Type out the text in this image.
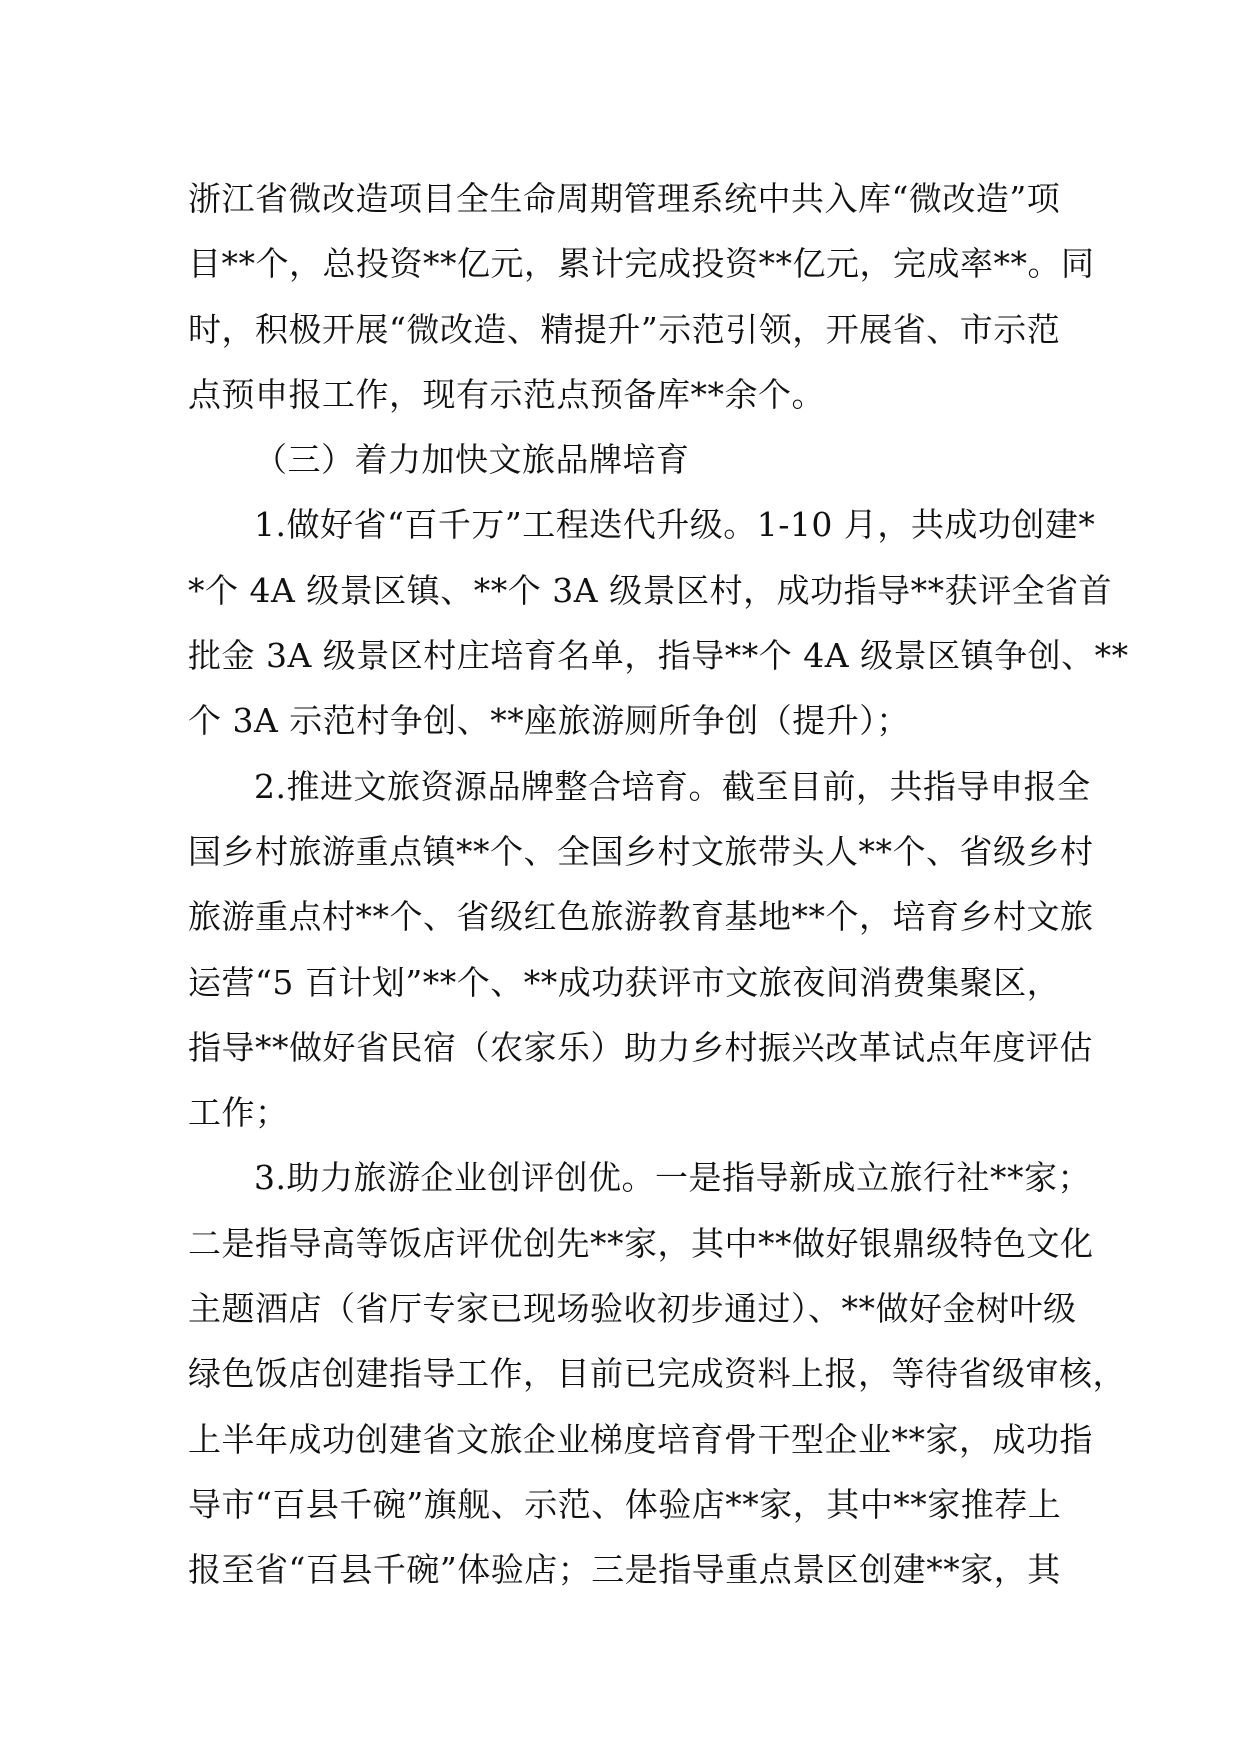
浙江省微改造项目全生命周期管理系统中共入库“微改造”项
目**个，总投资**亿元，累计完成投资**亿元，完成率**。同
时，积极开展“微改造、精提升”示范引领，开展省、市示范
点预申报工作，现有示范点预备库**余个。
（三）着力加快文旅品牌培育
1.做好省“百千万”工程迭代升级。1-10 月，共成功创建*
*个 4A 级景区镇、**个 3A 级景区村，成功指导**获评全省首
批金 3A 级景区村庄培育名单，指导**个 4A 级景区镇争创、**
个 3A 示范村争创、**座旅游厕所争创（提升）；
2.推进文旅资源品牌整合培育。截至目前，共指导申报全
国乡村旅游重点镇**个、全国乡村文旅带头人**个、省级乡村
旅游重点村**个、省级红色旅游教育基地**个，培育乡村文旅
运营“5 百计划”**个、**成功获评市文旅夜间消费集聚区，
指导**做好省民宿（农家乐）助力乡村振兴改革试点年度评估
工作；
3.助力旅游企业创评创优。一是指导新成立旅行社**家；
二是指导高等饭店评优创先**家，其中**做好银鼎级特色文化
主题酒店（省厅专家已现场验收初步通过）、**做好金树叶级
绿色饭店创建指导工作，目前已完成资料上报，等待省级审核，
上半年成功创建省文旅企业梯度培育骨干型企业**家，成功指
导市“百县千碗”旗舰、示范、体验店**家，其中**家推荐上
报至省“百县千碗”体验店；三是指导重点景区创建**家，其
